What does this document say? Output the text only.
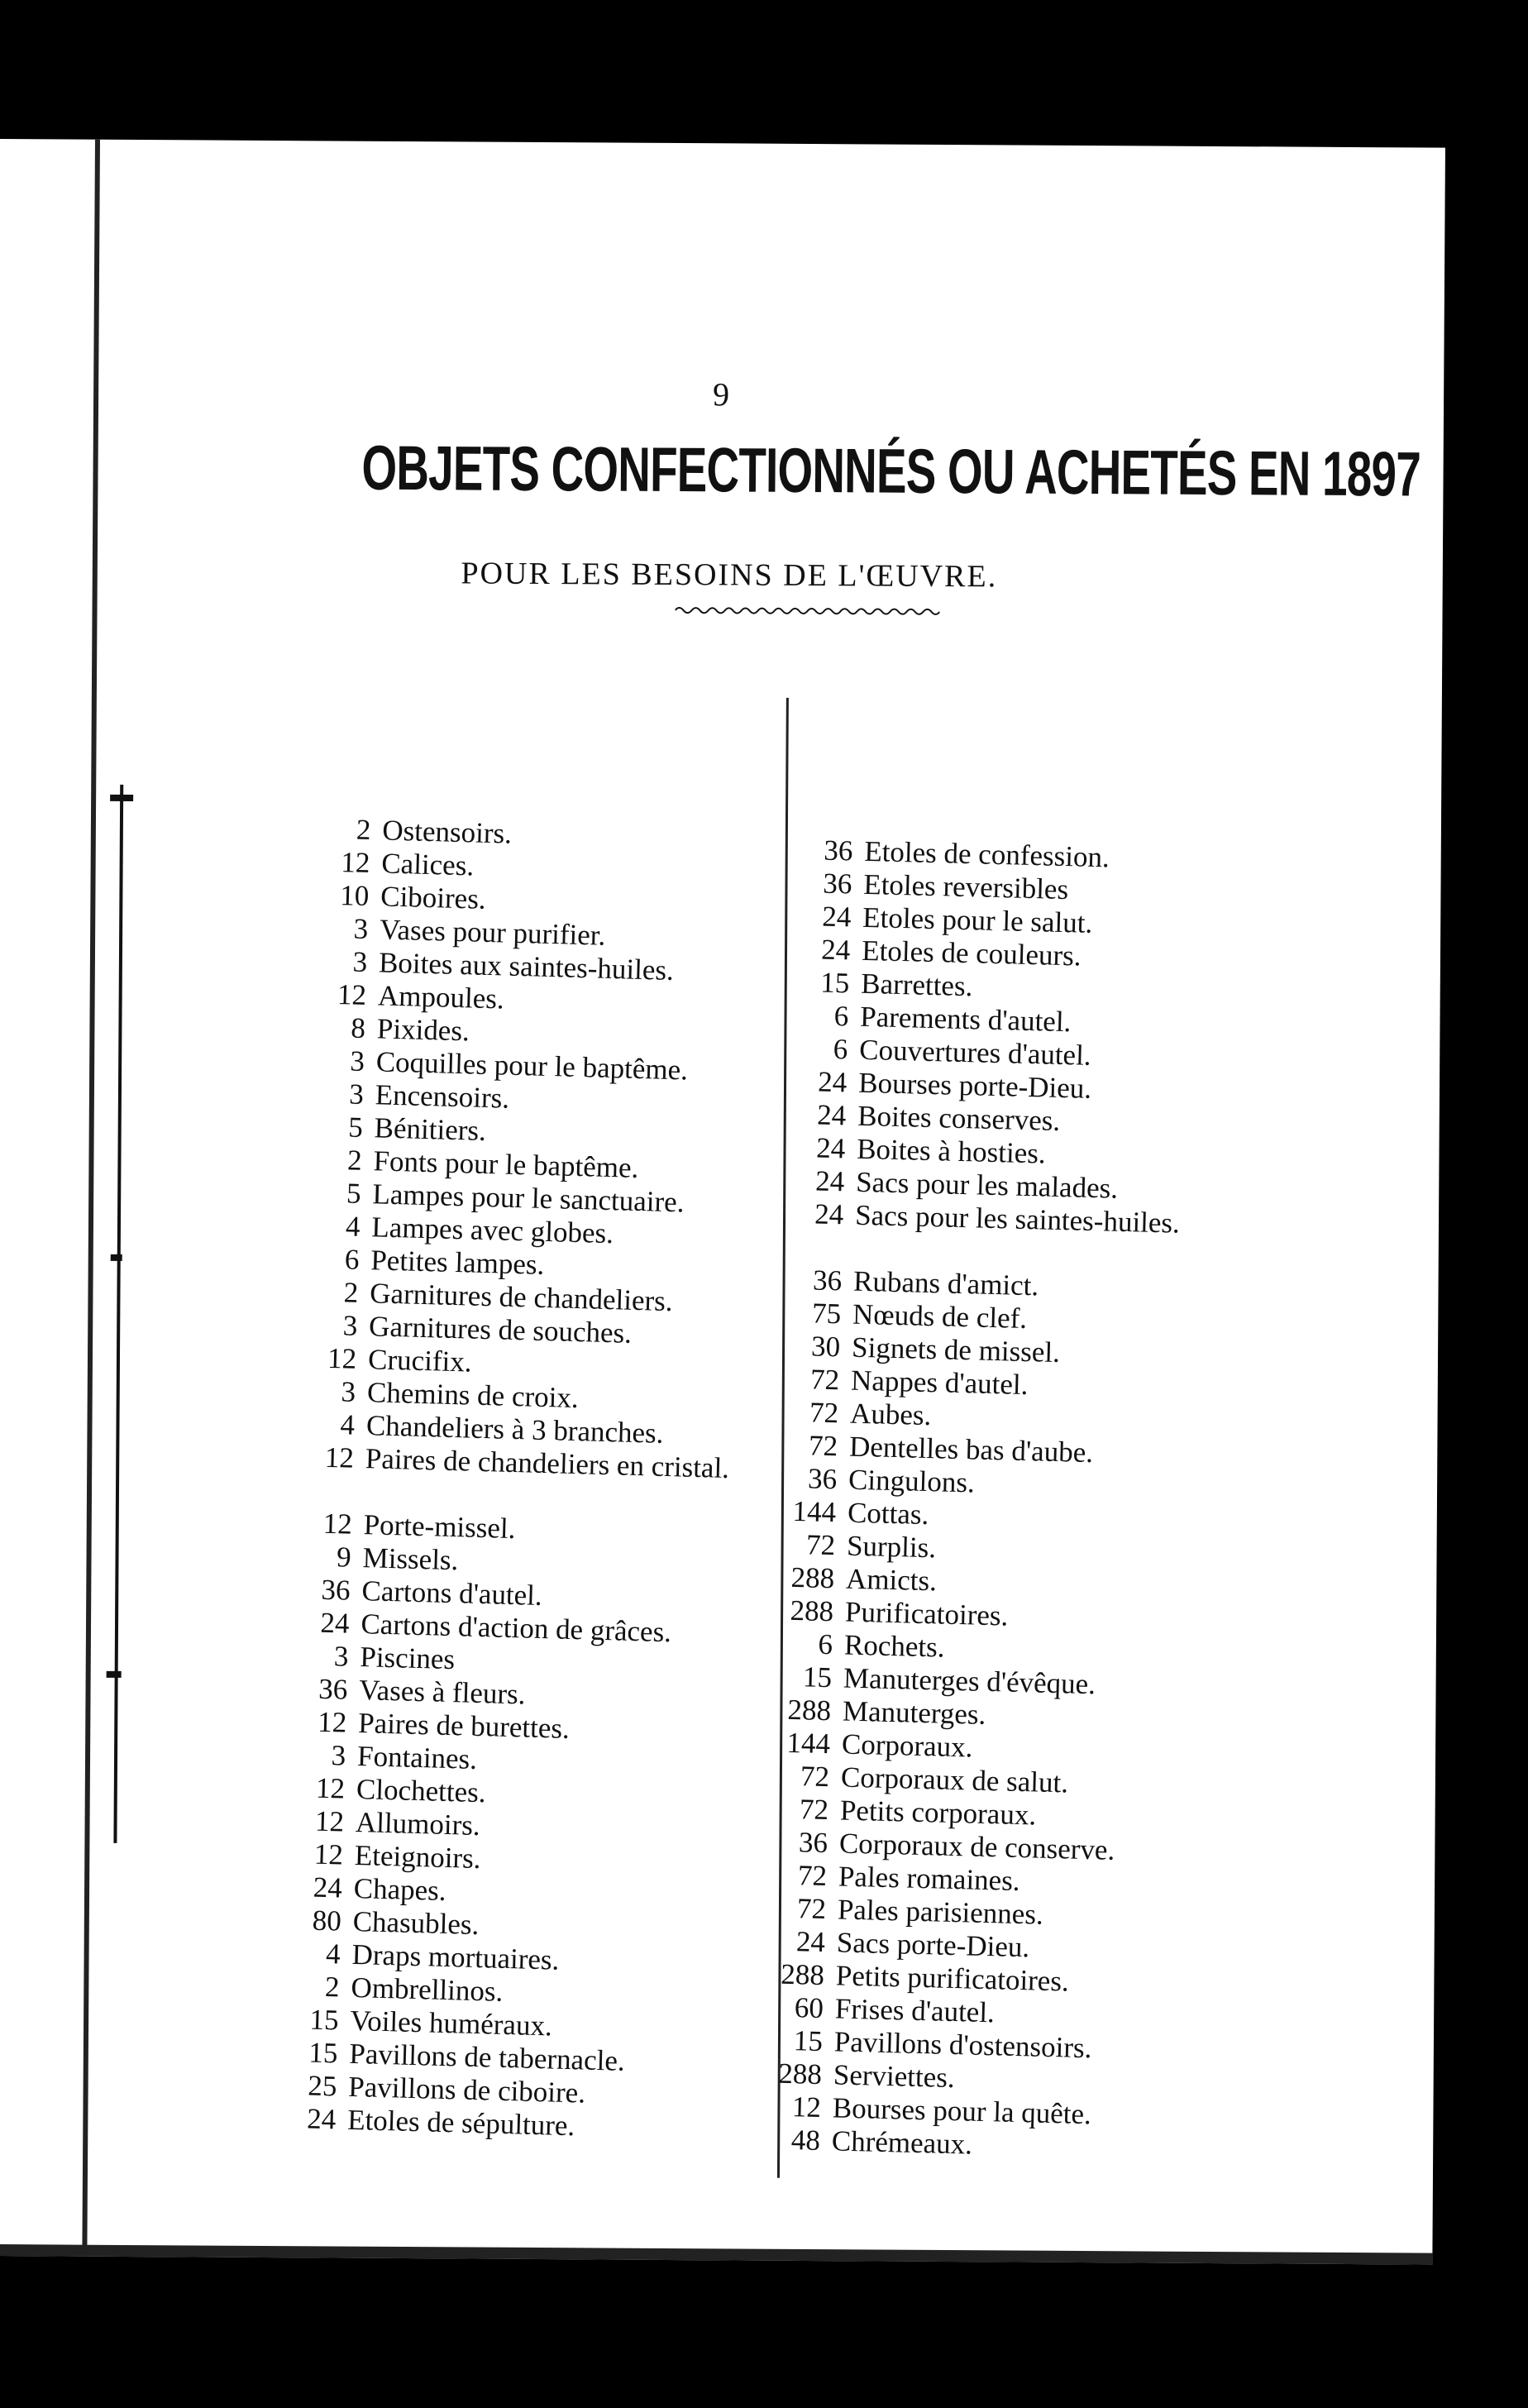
9
OBJETS CONFECTIONNÉS OU ACHETÉS EN 1897
POUR LES BESOINS DE L'ŒUVRE.
2 Ostensoirs.
12 Calices.
10 Ciboires.
3 Vases pour purifier.
3 Boites aux saintes-huiles.
12 Ampoules.
8 Pixides.
3 Coquilles pour le baptême.
3 Encensoirs.
5 Bénitiers.
2 Fonts pour le baptême.
5 Lampes pour le sanctuaire.
4 Lampes avec globes.
6 Petites lampes.
2 Garnitures de chandeliers.
3 Garnitures de souches.
12 Crucifix.
3 Chemins de croix.
4 Chandeliers à 3 branches.
12 Paires de chandeliers en cristal.
12 Porte-missel.
9 Missels.
36 Cartons d'autel.
24 Cartons d'action de grâces.
3 Piscines
36 Vases à fleurs.
12 Paires de burettes.
3 Fontaines.
12 Clochettes.
12 Allumoirs.
12 Eteignoirs.
24 Chapes.
80 Chasubles.
4 Draps mortuaires.
2 Ombrellinos.
15 Voiles huméraux.
15 Pavillons de tabernacle.
25 Pavillons de ciboire.
24 Etoles de sépulture.
36 Etoles de confession.
36 Etoles reversibles
24 Etoles pour le salut.
24 Etoles de couleurs.
15 Barrettes.
6 Parements d'autel.
6 Couvertures d'autel.
24 Bourses porte-Dieu.
24 Boites conserves.
24 Boites à hosties.
24 Sacs pour les malades.
24 Sacs pour les saintes-huiles.
36 Rubans d'amict.
75 Nœuds de clef.
30 Signets de missel.
72 Nappes d'autel.
72 Aubes.
72 Dentelles bas d'aube.
36 Cingulons.
144 Cottas.
72 Surplis.
288 Amicts.
288 Purificatoires.
6 Rochets.
15 Manuterges d'évêque.
288 Manuterges.
144 Corporaux.
72 Corporaux de salut.
72 Petits corporaux.
36 Corporaux de conserve.
72 Pales romaines.
72 Pales parisiennes.
24 Sacs porte-Dieu.
288 Petits purificatoires.
60 Frises d'autel.
15 Pavillons d'ostensoirs.
288 Serviettes.
12 Bourses pour la quête.
48 Chrémeaux.
